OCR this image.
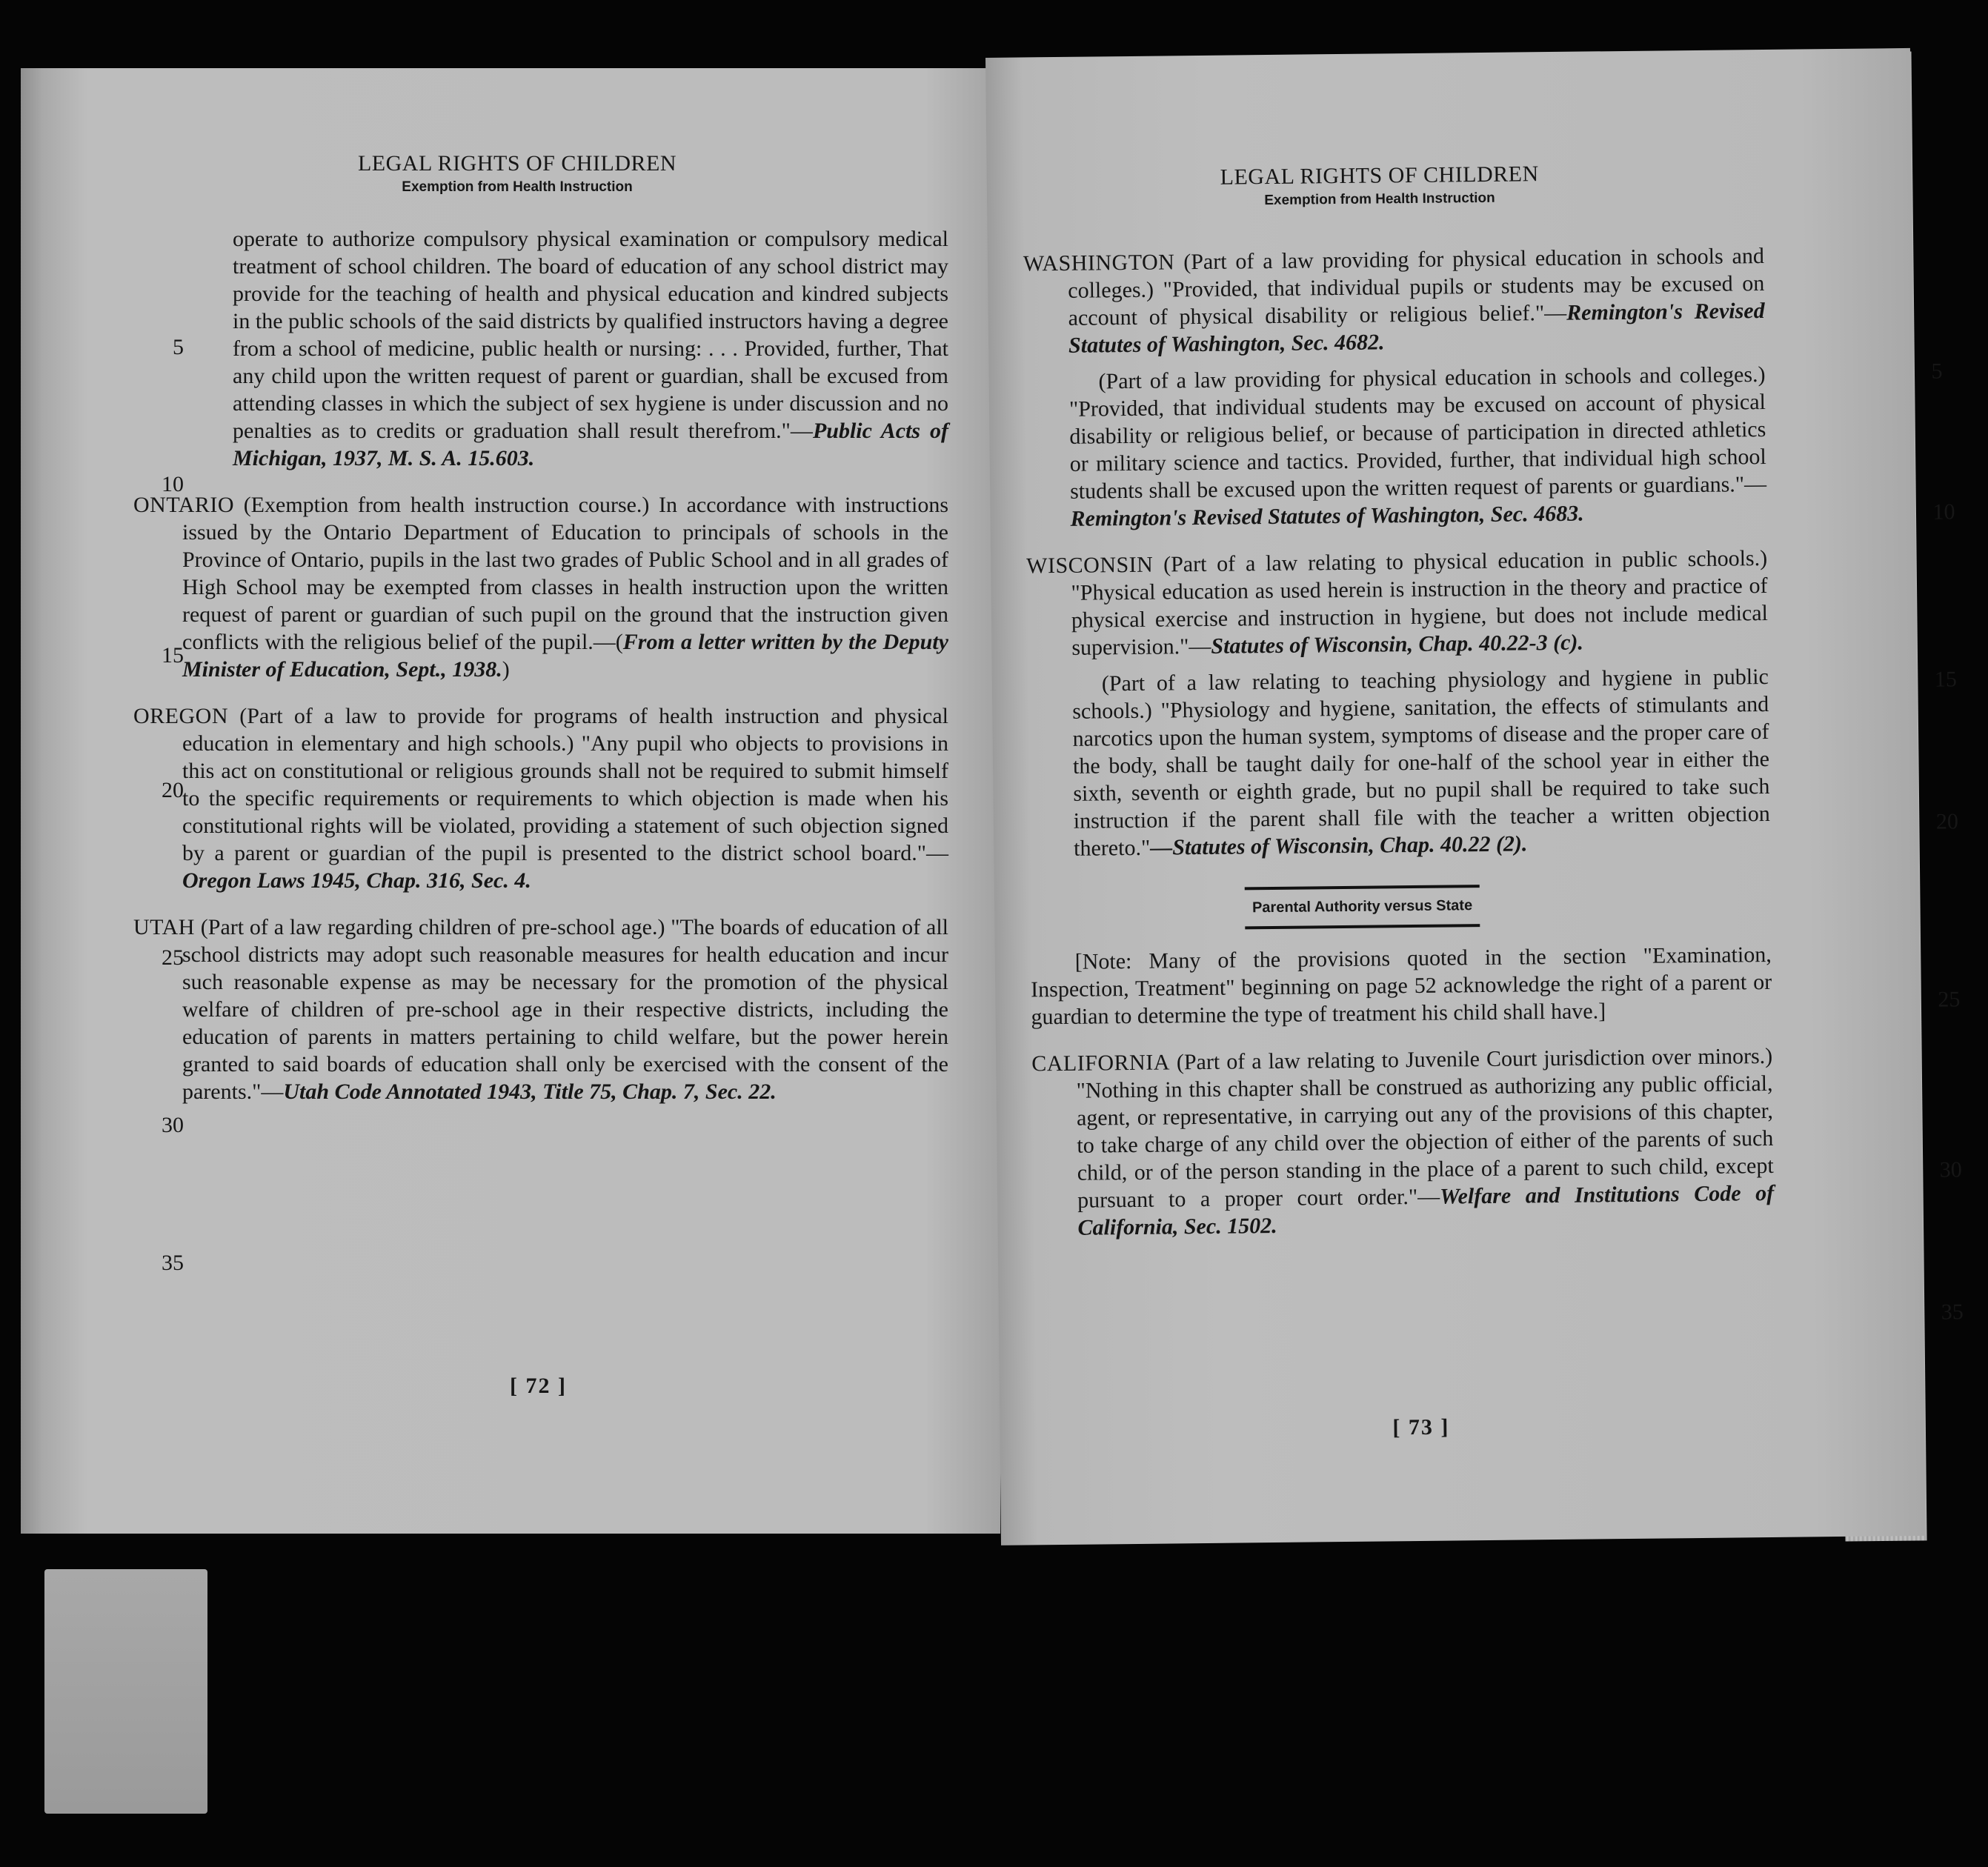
LEGAL RIGHTS OF CHILDREN
Exemption from Health Instruction

operate to authorize compulsory physical examination or compulsory medical treatment of school children. The board of education of any school district may provide for the teaching of health and physical education and kindred subjects in the public schools of the said districts by qualified instructors having a degree from a school of medicine, public health or nursing: . . . Provided, further, That any child upon the written request of parent or guardian, shall be excused from attending classes in which the subject of sex hygiene is under discussion and no penalties as to credits or graduation shall result therefrom."—Public Acts of Michigan, 1937, M. S. A. 15.603.

ONTARIO (Exemption from health instruction course.) In accordance with instructions issued by the Ontario Department of Education to principals of schools in the Province of Ontario, pupils in the last two grades of Public School and in all grades of High School may be exempted from classes in health instruction upon the written request of parent or guardian of such pupil on the ground that the instruction given conflicts with the religious belief of the pupil.—(From a letter written by the Deputy Minister of Education, Sept., 1938.)

OREGON (Part of a law to provide for programs of health instruction and physical education in elementary and high schools.) "Any pupil who objects to provisions in this act on constitutional or religious grounds shall not be required to submit himself to the specific requirements or requirements to which objection is made when his constitutional rights will be violated, providing a statement of such objection signed by a parent or guardian of the pupil is presented to the district school board."—Oregon Laws 1945, Chap. 316, Sec. 4.

UTAH (Part of a law regarding children of pre-school age.) "The boards of education of all school districts may adopt such reasonable measures for health education and incur such reasonable expense as may be necessary for the promotion of the physical welfare of children of pre-school age in their respective districts, including the education of parents in matters pertaining to child welfare, but the power herein granted to said boards of education shall only be exercised with the consent of the parents."—Utah Code Annotated 1943, Title 75, Chap. 7, Sec. 22.

5
10
15
20
25
30
35
[ 72 ]
LEGAL RIGHTS OF CHILDREN
Exemption from Health Instruction

WASHINGTON (Part of a law providing for physical education in schools and colleges.) "Provided, that individual pupils or students may be excused on account of physical disability or religious belief."—Remington's Revised Statutes of Washington, Sec. 4682.

(Part of a law providing for physical education in schools and colleges.) "Provided, that individual students may be excused on account of physical disability or religious belief, or because of participation in directed athletics or military science and tactics. Provided, further, that individual high school students shall be excused upon the written request of parents or guardians."—Remington's Revised Statutes of Washington, Sec. 4683.

WISCONSIN (Part of a law relating to physical education in public schools.) "Physical education as used herein is instruction in the theory and practice of physical exercise and instruction in hygiene, but does not include medical supervision."—Statutes of Wisconsin, Chap. 40.22-3 (c).

(Part of a law relating to teaching physiology and hygiene in public schools.) "Physiology and hygiene, sanitation, the effects of stimulants and narcotics upon the human system, symptoms of disease and the proper care of the body, shall be taught daily for one-half of the school year in either the sixth, seventh or eighth grade, but no pupil shall be required to take such instruction if the parent shall file with the teacher a written objection thereto."—Statutes of Wisconsin, Chap. 40.22 (2).

Parental Authority versus State

[Note: Many of the provisions quoted in the section "Examination, Inspection, Treatment" beginning on page 52 acknowledge the right of a parent or guardian to determine the type of treatment his child shall have.]

CALIFORNIA (Part of a law relating to Juvenile Court jurisdiction over minors.) "Nothing in this chapter shall be construed as authorizing any public official, agent, or representative, in carrying out any of the provisions of this chapter, to take charge of any child over the objection of either of the parents of such child, or of the person standing in the place of a parent to such child, except pursuant to a proper court order."—Welfare and Institutions Code of California, Sec. 1502.

5
10
15
20
25
30
35
[ 73 ]
